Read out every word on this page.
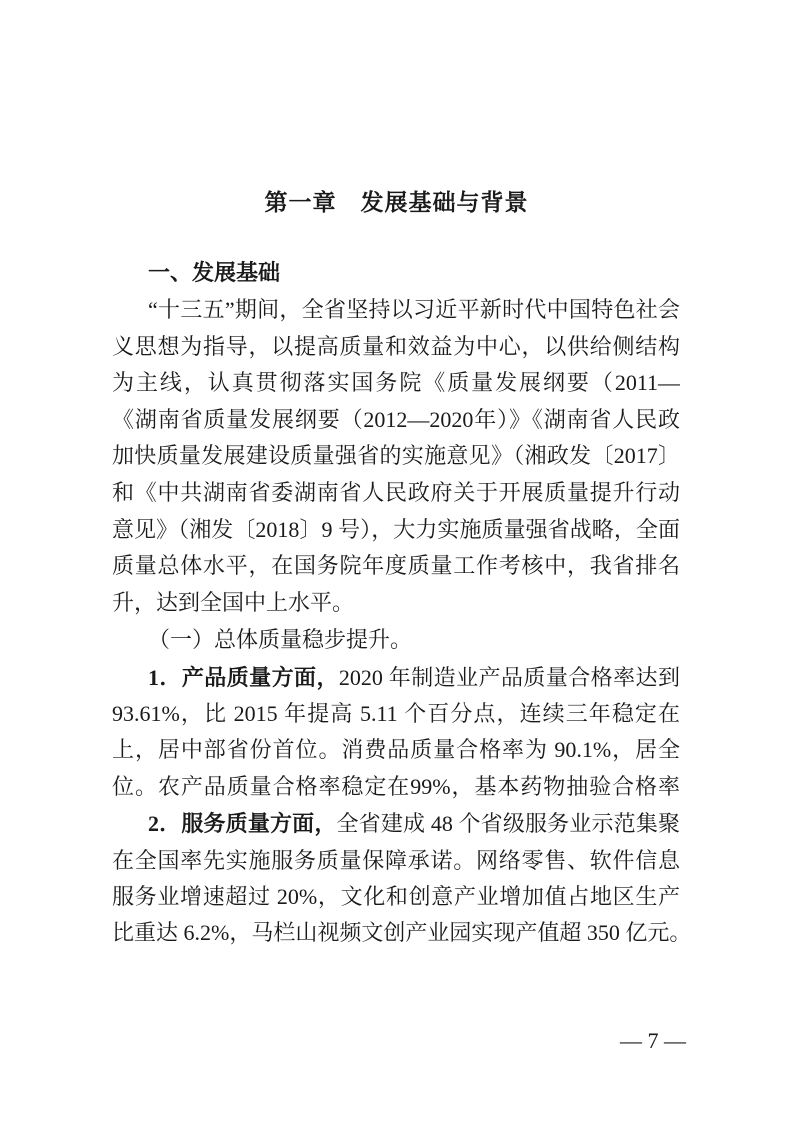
第一章　发展基础与背景
一、发展基础
“十三五”期间，全省坚持以习近平新时代中国特色社会
义思想为指导，以提高质量和效益为中心，以供给侧结构
为主线，认真贯彻落实国务院《质量发展纲要（2011—
《湖南省质量发展纲要（2012—2020年）》《湖南省人民政
加快质量发展建设质量强省的实施意见》（湘政发〔2017〕
和《中共湖南省委湖南省人民政府关于开展质量提升行动
意见》（湘发〔2018〕9 号），大力实施质量强省战略，全面
质量总体水平，在国务院年度质量工作考核中，我省排名
升，达到全国中上水平。
（一）总体质量稳步提升。
1．产品质量方面，2020 年制造业产品质量合格率达到
93.61%，比 2015 年提高 5.11 个百分点，连续三年稳定在
上，居中部省份首位。消费品质量合格率为 90.1%，居全
位。农产品质量合格率稳定在99%，基本药物抽验合格率
2．服务质量方面，全省建成 48 个省级服务业示范集聚
在全国率先实施服务质量保障承诺。网络零售、软件信息
服务业增速超过 20%，文化和创意产业增加值占地区生产
比重达 6.2%，马栏山视频文创产业园实现产值超 350 亿元。
— 7 —
